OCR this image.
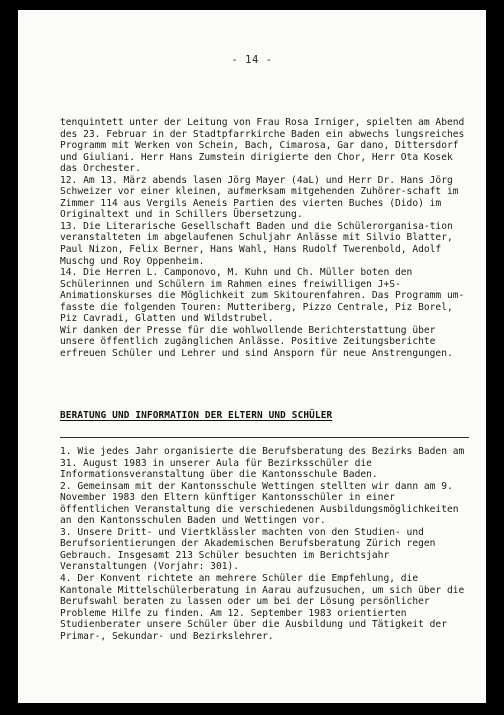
- 14 -

tenquintett unter der Leitung von Frau Rosa Irniger, spielten am Abend des 23. Februar in der Stadtpfarrkirche Baden ein abwechs lungsreiches Programm mit Werken von Schein, Bach, Cimarosa, Gar dano, Dittersdorf und Giuliani. Herr Hans Zumstein dirigierte den Chor, Herr Ota Kosek das Orchester.

12. Am 13. März abends lasen Jörg Mayer (4aL) und Herr Dr. Hans Jörg Schweizer vor einer kleinen, aufmerksam mitgehenden Zuhörer-schaft im Zimmer 114 aus Vergils Aeneis Partien des vierten Buches (Dido) im Originaltext und in Schillers Übersetzung.

13. Die Literarische Gesellschaft Baden und die Schülerorganisa-tion veranstalteten im abgelaufenen Schuljahr Anlässe mit Silvio Blatter, Paul Nizon, Felix Berner, Hans Wahl, Hans Rudolf Twerenbold, Adolf Muschg und Roy Oppenheim.

14. Die Herren L. Camponovo, M. Kuhn und Ch. Müller boten den Schülerinnen und Schülern im Rahmen eines freiwilligen J+S-Animationskurses die Möglichkeit zum Skitourenfahren. Das Programm um-fasste die folgenden Touren: Mutteriberg, Pizzo Centrale, Piz Borel, Piz Cavradi, Glatten und Wildstrubel.

Wir danken der Presse für die wohlwollende Berichterstattung über unsere öffentlich zugänglichen Anlässe. Positive Zeitungsberichte erfreuen Schüler und Lehrer und sind Ansporn für neue Anstrengungen.

BERATUNG UND INFORMATION DER ELTERN UND SCHÜLER

1. Wie jedes Jahr organisierte die Berufsberatung des Bezirks Baden am 31. August 1983 in unserer Aula für Bezirksschüler die Informationsveranstaltung über die Kantonsschule Baden.

2. Gemeinsam mit der Kantonsschule Wettingen stellten wir dann am 9. November 1983 den Eltern künftiger Kantonsschüler in einer öffentlichen Veranstaltung die verschiedenen Ausbildungsmöglichkeiten an den Kantonsschulen Baden und Wettingen vor.

3. Unsere Dritt- und Viertklässler machten von den Studien- und Berufsorientierungen der Akademischen Berufsberatung Zürich regen Gebrauch. Insgesamt 213 Schüler besuchten im Berichtsjahr Veranstaltungen (Vorjahr: 301).

4. Der Konvent richtete an mehrere Schüler die Empfehlung, die Kantonale Mittelschülerberatung in Aarau aufzusuchen, um sich über die Berufswahl beraten zu lassen oder um bei der Lösung persönlicher Probleme Hilfe zu finden. Am 12. September 1983 orientierten Studienberater unsere Schüler über die Ausbildung und Tätigkeit der Primar-, Sekundar- und Bezirkslehrer.
